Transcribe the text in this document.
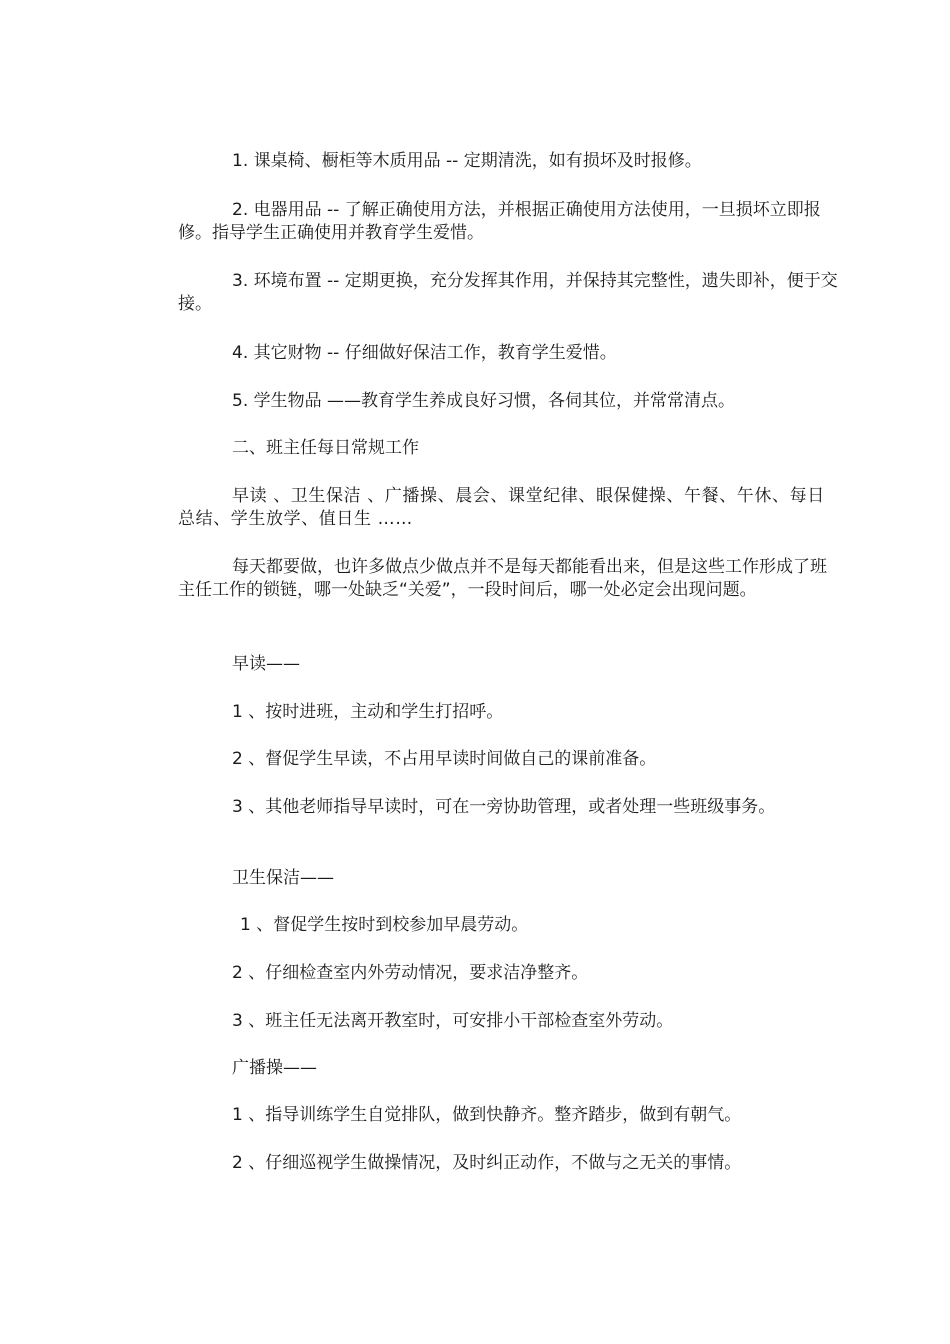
1. 课桌椅、橱柜等木质用品 -- 定期清洗，如有损坏及时报修。

2. 电器用品 -- 了解正确使用方法，并根据正确使用方法使用，一旦损坏立即报修。指导学生正确使用并教育学生爱惜。

3. 环境布置 -- 定期更换，充分发挥其作用，并保持其完整性，遗失即补，便于交接。

4. 其它财物 -- 仔细做好保洁工作，教育学生爱惜。

5. 学生物品 ——教育学生养成良好习惯，各伺其位，并常常清点。

二、班主任每日常规工作

早读 、卫生保洁 、广播操、晨会、课堂纪律、眼保健操、午餐、午休、每日总结、学生放学、值日生 ……

每天都要做，也许多做点少做点并不是每天都能看出来，但是这些工作形成了班主任工作的锁链，哪一处缺乏“关爱”，一段时间后，哪一处必定会出现问题。

早读——

1 、按时进班，主动和学生打招呼。

2 、督促学生早读，不占用早读时间做自己的课前准备。

3 、其他老师指导早读时，可在一旁协助管理，或者处理一些班级事务。

卫生保洁——

1 、督促学生按时到校参加早晨劳动。

2 、仔细检查室内外劳动情况，要求洁净整齐。

3 、班主任无法离开教室时，可安排小干部检查室外劳动。

广播操——

1 、指导训练学生自觉排队，做到快静齐。整齐踏步，做到有朝气。

2 、仔细巡视学生做操情况，及时纠正动作，不做与之无关的事情。
